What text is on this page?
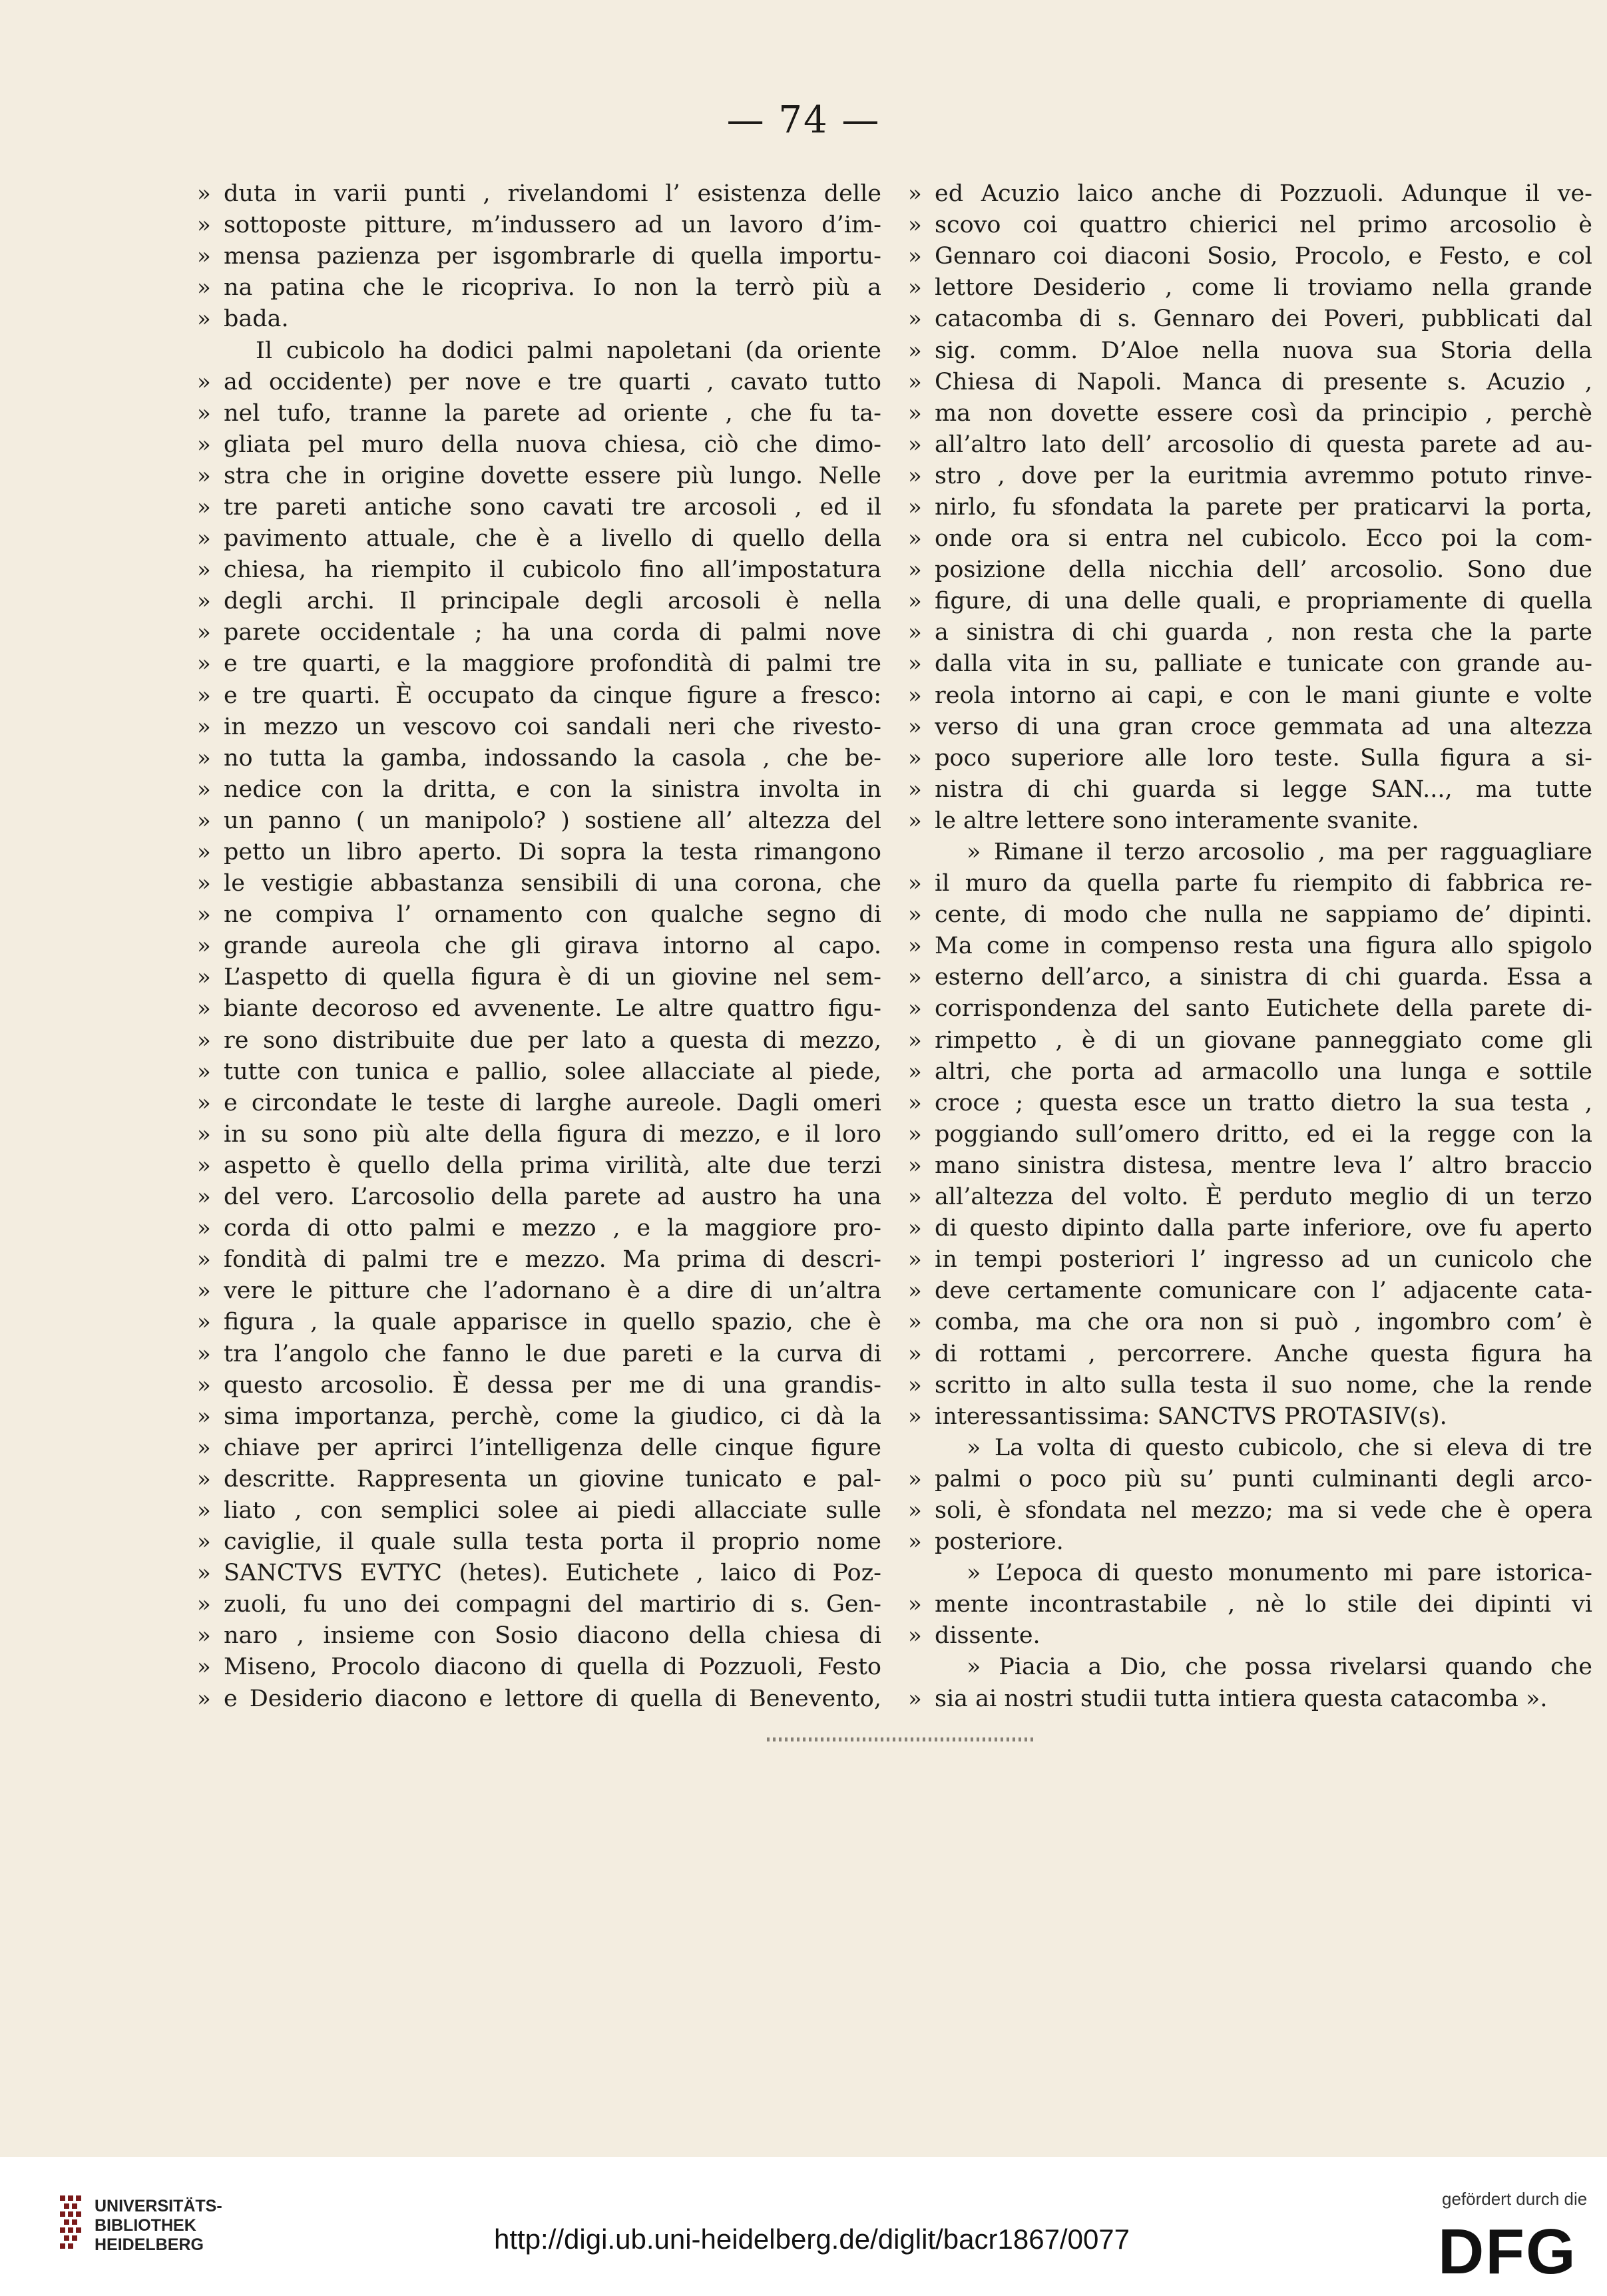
— 74 —
» duta in varii punti , rivelandomi l’ esistenza delle
» sottoposte pitture, m’indussero ad un lavoro d’im-
» mensa pazienza per isgombrarle di quella importu-
» na patina che le ricopriva. Io non la terrò più a
» bada.
Il cubicolo ha dodici palmi napoletani (da oriente
» ad occidente) per nove e tre quarti , cavato tutto
» nel tufo, tranne la parete ad oriente , che fu ta-
» gliata pel muro della nuova chiesa, ciò che dimo-
» stra che in origine dovette essere più lungo. Nelle
» tre pareti antiche sono cavati tre arcosoli , ed il
» pavimento attuale, che è a livello di quello della
» chiesa, ha riempito il cubicolo fino all’impostatura
» degli archi. Il principale degli arcosoli è nella
» parete occidentale ; ha una corda di palmi nove
» e tre quarti, e la maggiore profondità di palmi tre
» e tre quarti. È occupato da cinque figure a fresco:
» in mezzo un vescovo coi sandali neri che rivesto-
» no tutta la gamba, indossando la casola , che be-
» nedice con la dritta, e con la sinistra involta in
» un panno ( un manipolo? ) sostiene all’ altezza del
» petto un libro aperto. Di sopra la testa rimangono
» le vestigie abbastanza sensibili di una corona, che
» ne compiva l’ ornamento con qualche segno di
» grande aureola che gli girava intorno al capo.
» L’aspetto di quella figura è di un giovine nel sem-
» biante decoroso ed avvenente. Le altre quattro figu-
» re sono distribuite due per lato a questa di mezzo,
» tutte con tunica e pallio, solee allacciate al piede,
» e circondate le teste di larghe aureole. Dagli omeri
» in su sono più alte della figura di mezzo, e il loro
» aspetto è quello della prima virilità, alte due terzi
» del vero. L’arcosolio della parete ad austro ha una
» corda di otto palmi e mezzo , e la maggiore pro-
» fondità di palmi tre e mezzo. Ma prima di descri-
» vere le pitture che l’adornano è a dire di un’altra
» figura , la quale apparisce in quello spazio, che è
» tra l’angolo che fanno le due pareti e la curva di
» questo arcosolio. È dessa per me di una grandis-
» sima importanza, perchè, come la giudico, ci dà la
» chiave per aprirci l’intelligenza delle cinque figure
» descritte. Rappresenta un giovine tunicato e pal-
» liato , con semplici solee ai piedi allacciate sulle
» caviglie, il quale sulla testa porta il proprio nome
» SANCTVS EVTYC (hetes). Eutichete , laico di Poz-
» zuoli, fu uno dei compagni del martirio di s. Gen-
» naro , insieme con Sosio diacono della chiesa di
» Miseno, Procolo diacono di quella di Pozzuoli, Festo
» e Desiderio diacono e lettore di quella di Benevento,
» ed Acuzio laico anche di Pozzuoli. Adunque il ve-
» scovo coi quattro chierici nel primo arcosolio è
» Gennaro coi diaconi Sosio, Procolo, e Festo, e col
» lettore Desiderio , come li troviamo nella grande
» catacomba di s. Gennaro dei Poveri, pubblicati dal
» sig. comm. D’Aloe nella nuova sua Storia della
» Chiesa di Napoli. Manca di presente s. Acuzio ,
» ma non dovette essere così da principio , perchè
» all’altro lato dell’ arcosolio di questa parete ad au-
» stro , dove per la euritmia avremmo potuto rinve-
» nirlo, fu sfondata la parete per praticarvi la porta,
» onde ora si entra nel cubicolo. Ecco poi la com-
» posizione della nicchia dell’ arcosolio. Sono due
» figure, di una delle quali, e propriamente di quella
» a sinistra di chi guarda , non resta che la parte
» dalla vita in su, palliate e tunicate con grande au-
» reola intorno ai capi, e con le mani giunte e volte
» verso di una gran croce gemmata ad una altezza
» poco superiore alle loro teste. Sulla figura a si-
» nistra di chi guarda si legge SAN..., ma tutte
» le altre lettere sono interamente svanite.
» Rimane il terzo arcosolio , ma per ragguagliare
» il muro da quella parte fu riempito di fabbrica re-
» cente, di modo che nulla ne sappiamo de’ dipinti.
» Ma come in compenso resta una figura allo spigolo
» esterno dell’arco, a sinistra di chi guarda. Essa a
» corrispondenza del santo Eutichete della parete di-
» rimpetto , è di un giovane panneggiato come gli
» altri, che porta ad armacollo una lunga e sottile
» croce ; questa esce un tratto dietro la sua testa ,
» poggiando sull’omero dritto, ed ei la regge con la
» mano sinistra distesa, mentre leva l’ altro braccio
» all’altezza del volto. È perduto meglio di un terzo
» di questo dipinto dalla parte inferiore, ove fu aperto
» in tempi posteriori l’ ingresso ad un cunicolo che
» deve certamente comunicare con l’ adjacente cata-
» comba, ma che ora non si può , ingombro com’ è
» di rottami , percorrere. Anche questa figura ha
» scritto in alto sulla testa il suo nome, che la rende
» interessantissima: SANCTVS PROTASIV(s).
» La volta di questo cubicolo, che si eleva di tre
» palmi o poco più su’ punti culminanti degli arco-
» soli, è sfondata nel mezzo; ma si vede che è opera
» posteriore.
» L’epoca di questo monumento mi pare istorica-
» mente incontrastabile , nè lo stile dei dipinti vi
» dissente.
» Piacia a Dio, che possa rivelarsi quando che
» sia ai nostri studii tutta intiera questa catacomba ».
UNIVERSITÄTS-
BIBLIOTHEK
HEIDELBERG	http://digi.ub.uni-heidelberg.de/diglit/bacr1867/0077
gefördert durch die
DFG
